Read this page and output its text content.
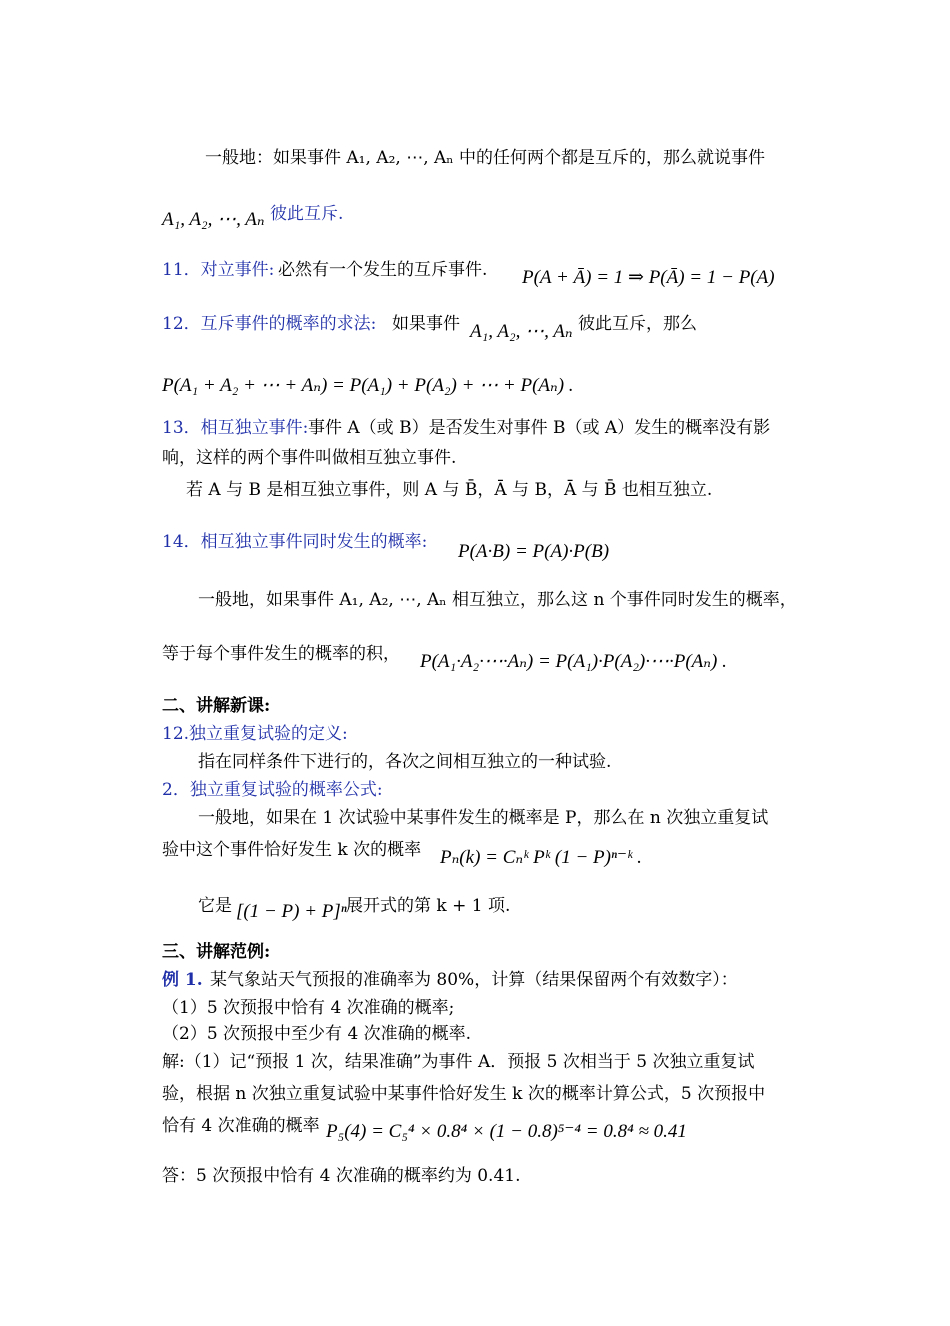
一般地：如果事件 A₁, A₂, ⋯, Aₙ 中的任何两个都是互斥的，那么就说事件
A₁, A₂, ⋯, Aₙ 彼此互斥.
11．对立事件: 必然有一个发生的互斥事件. P(A + Ā) = 1 ⇒ P(Ā) = 1 − P(A)
12．互斥事件的概率的求法: 如果事件 A₁, A₂, ⋯, Aₙ 彼此互斥，那么
P(A₁ + A₂ + ⋯ + Aₙ) = P(A₁) + P(A₂) + ⋯ + P(Aₙ) .
13．相互独立事件: 事件 A（或 B）是否发生对事件 B（或 A）发生的概率没有影
响，这样的两个事件叫做相互独立事件.
若 A 与 B 是相互独立事件，则 A 与 B̄，Ā 与 B，Ā 与 B̄ 也相互独立.
14．相互独立事件同时发生的概率: P(A·B) = P(A)·P(B)
一般地，如果事件 A₁, A₂, ⋯, Aₙ 相互独立，那么这 n 个事件同时发生的概率，
等于每个事件发生的概率的积， P(A₁·A₂·⋯·Aₙ) = P(A₁)·P(A₂)·⋯·P(Aₙ) .
二、讲解新课:
12.独立重复试验的定义:
指在同样条件下进行的，各次之间相互独立的一种试验.
2．独立重复试验的概率公式:
一般地，如果在 1 次试验中某事件发生的概率是 P，那么在 n 次独立重复试
验中这个事件恰好发生 k 次的概率 Pₙ(k) = Cₙᵏ Pᵏ (1 − P)ⁿ⁻ᵏ .
它是 [(1 − P) + P]ⁿ 展开式的第 k + 1 项.
三、讲解范例:
例 1. 某气象站天气预报的准确率为 80%，计算（结果保留两个有效数字）：
（1）5 次预报中恰有 4 次准确的概率;
（2）5 次预报中至少有 4 次准确的概率.
解:（1）记“预报 1 次，结果准确”为事件 A．预报 5 次相当于 5 次独立重复试
验，根据 n 次独立重复试验中某事件恰好发生 k 次的概率计算公式，5 次预报中
恰有 4 次准确的概率 P₅(4) = C₅⁴ × 0.8⁴ × (1 − 0.8)⁵⁻⁴ = 0.8⁴ ≈ 0.41
答：5 次预报中恰有 4 次准确的概率约为 0.41.
